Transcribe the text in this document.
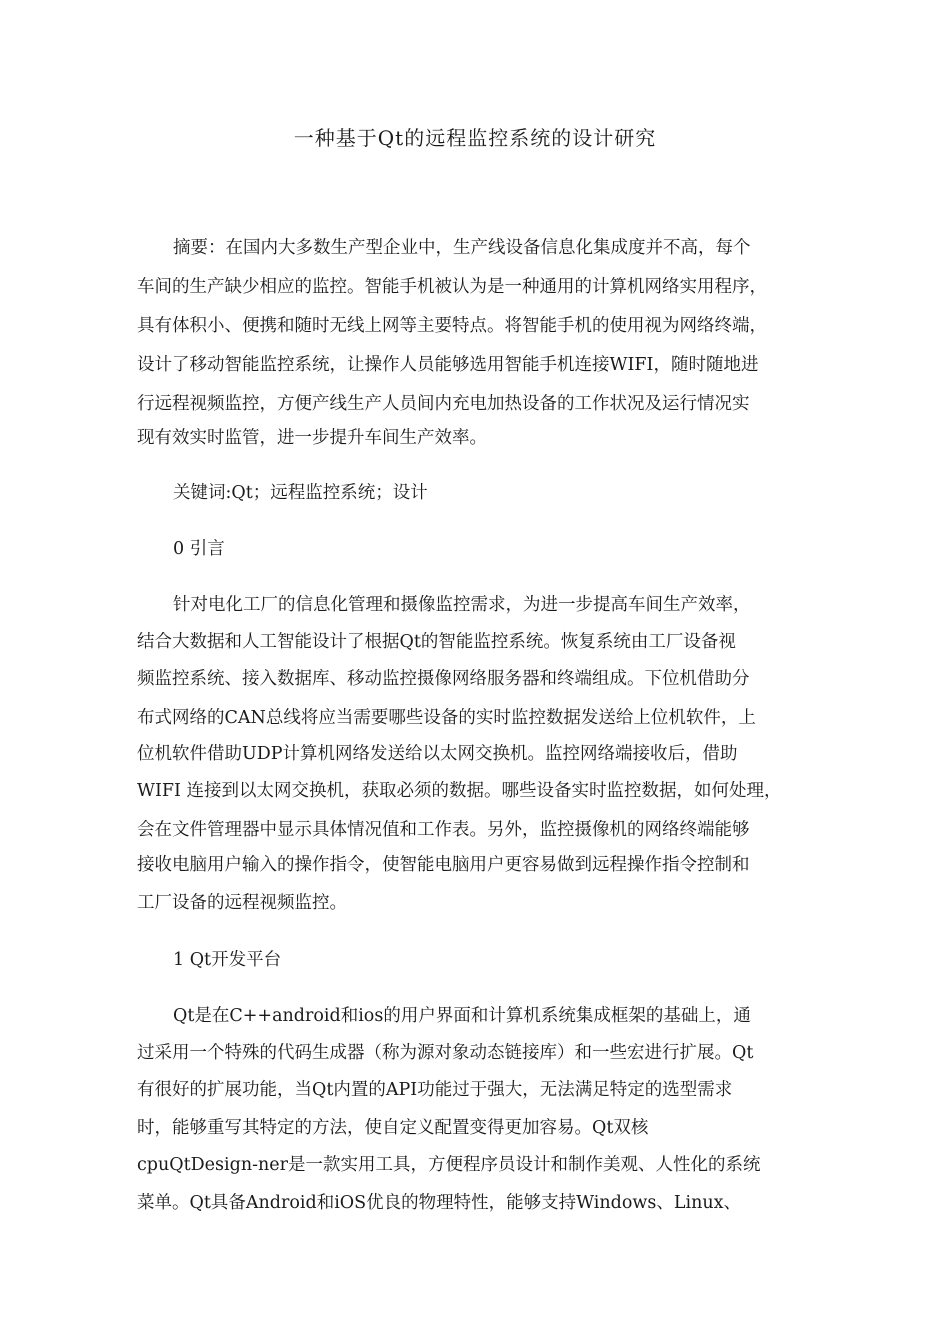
一种基于Qt的远程监控系统的设计研究
摘要：在国内大多数生产型企业中，生产线设备信息化集成度并不高，每个
车间的生产缺少相应的监控。智能手机被认为是一种通用的计算机网络实用程序，
具有体积小、便携和随时无线上网等主要特点。将智能手机的使用视为网络终端，
设计了移动智能监控系统，让操作人员能够选用智能手机连接WIFI，随时随地进
行远程视频监控，方便产线生产人员间内充电加热设备的工作状况及运行情况实
现有效实时监管，进一步提升车间生产效率。
关键词:Qt；远程监控系统；设计
0 引言
针对电化工厂的信息化管理和摄像监控需求，为进一步提高车间生产效率，
结合大数据和人工智能设计了根据Qt的智能监控系统。恢复系统由工厂设备视
频监控系统、接入数据库、移动监控摄像网络服务器和终端组成。下位机借助分
布式网络的CAN总线将应当需要哪些设备的实时监控数据发送给上位机软件，上
位机软件借助UDP计算机网络发送给以太网交换机。监控网络端接收后，借助
WIFI 连接到以太网交换机，获取必须的数据。哪些设备实时监控数据，如何处理，
会在文件管理器中显示具体情况值和工作表。另外，监控摄像机的网络终端能够
接收电脑用户输入的操作指令，使智能电脑用户更容易做到远程操作指令控制和
工厂设备的远程视频监控。
1 Qt开发平台
Qt是在C++android和ios的用户界面和计算机系统集成框架的基础上，通
过采用一个特殊的代码生成器（称为源对象动态链接库）和一些宏进行扩展。Qt
有很好的扩展功能，当Qt内置的API功能过于强大，无法满足特定的选型需求
时，能够重写其特定的方法，使自定义配置变得更加容易。Qt双核
cpuQtDesign-ner是一款实用工具，方便程序员设计和制作美观、人性化的系统
菜单。Qt具备Android和iOS优良的物理特性，能够支持Windows、Linux、
